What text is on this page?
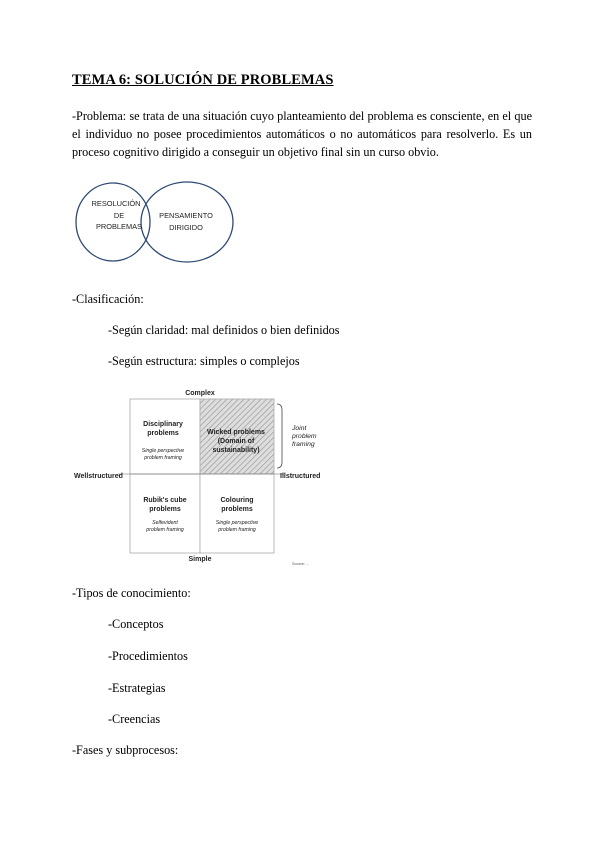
TEMA 6: SOLUCIÓN DE PROBLEMAS
-Problema: se trata de una situación cuyo planteamiento del problema es consciente, en el que el individuo no posee procedimientos automáticos o no automáticos para resolverlo. Es un proceso cognitivo dirigido a conseguir un objetivo final sin un curso obvio.
RESOLUCIÓN
DE
PROBLEMAS
PENSAMIENTO
DIRIGIDO
-Clasificación:
-Según claridad: mal definidos o bien definidos
-Según estructura: simples o complejos
Complex
Simple
Wellstructured	Illstructured
Disciplinary
problems
Single perspective
problem framing
Wicked problems
(Domain of
sustainability)
Rubik's cube
problems
Selfevident
problem framing
Colouring
problems
Single perspective
problem framing
Joint
problem
framing
Source: ...
-Tipos de conocimiento:
-Conceptos
-Procedimientos
-Estrategias
-Creencias
-Fases y subprocesos:
